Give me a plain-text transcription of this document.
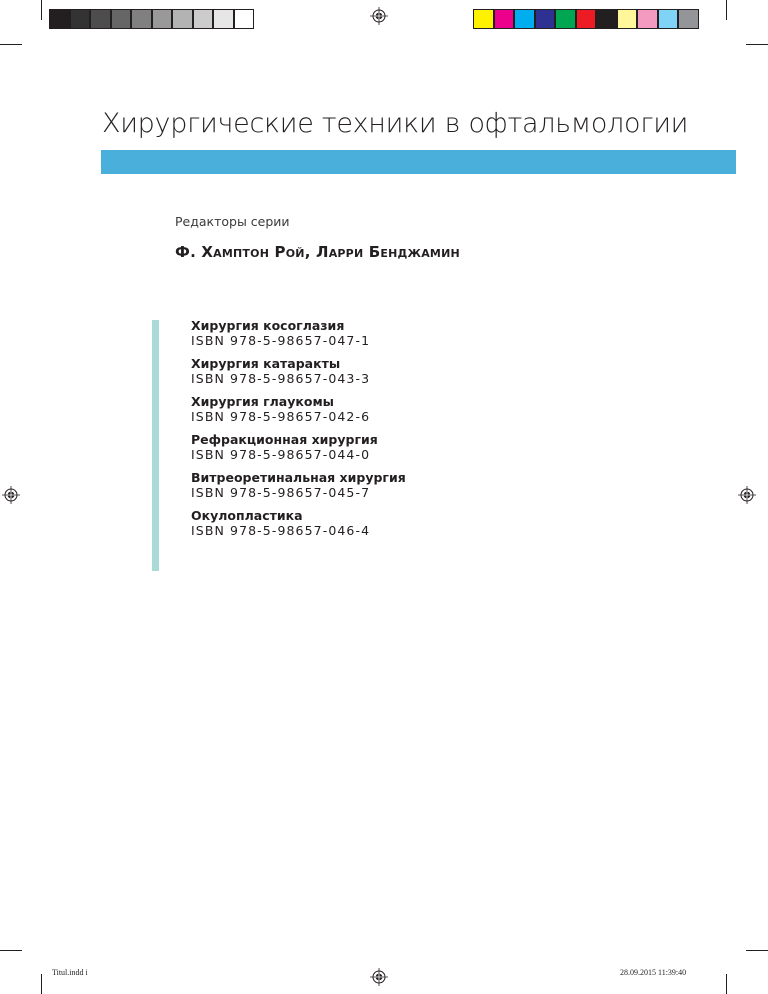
Хирургические техники в офтальмологии
Редакторы серии
Ф. ХАМПТОН РОЙ, ЛАРРИ БЕНДЖАМИН
Хирургия косоглазия
ISBN 978-5-98657-047-1
Хирургия катаракты
ISBN 978-5-98657-043-3
Хирургия глаукомы
ISBN 978-5-98657-042-6
Рефракционная хирургия
ISBN 978-5-98657-044-0
Витреоретинальная хирургия
ISBN 978-5-98657-045-7
Окулопластика
ISBN 978-5-98657-046-4
Titul.indd i	28.09.2015 11:39:40
